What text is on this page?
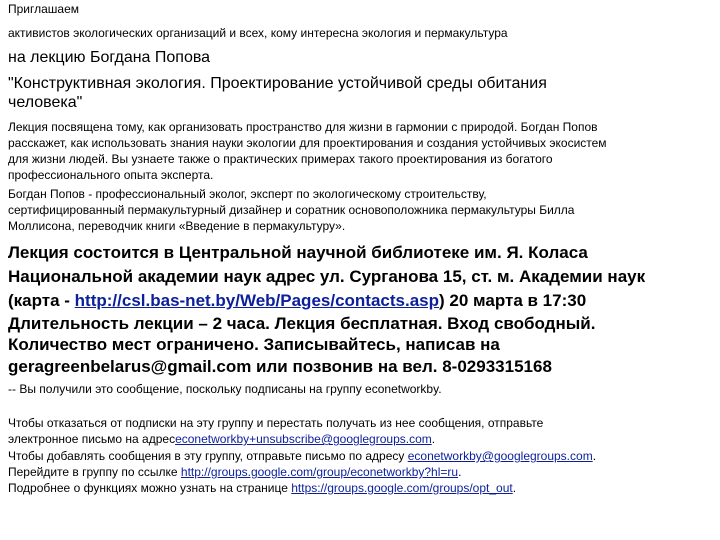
Приглашаем
активистов экологических организаций и всех, кому интересна экология и пермакультура
на лекцию Богдана Попова
"Конструктивная экология. Проектирование устойчивой среды обитания
человека"
Лекция посвящена тому, как организовать пространство для жизни в гармонии с природой. Богдан Попов
расскажет, как использовать знания науки экологии для проектирования и создания устойчивых экосистем
для жизни людей. Вы узнаете также о практических примерах такого проектирования из богатого
профессионального опыта эксперта.
Богдан Попов - профессиональный эколог, эксперт по экологическому строительству,
сертифицированный пермакультурный дизайнер и соратник основоположника пермакультуры Билла
Моллисона, переводчик книги «Введение в пермакультуру».
Лекция состоится в Центральной научной библиотеке им. Я. Коласа
Национальной академии наук адрес ул. Сурганова 15, ст. м. Академии наук
(карта - http://csl.bas-net.by/Web/Pages/contacts.asp) 20 марта в 17:30
Длительность лекции – 2 часа. Лекция бесплатная. Вход свободный.
Количество мест ограничено. Записывайтесь, написав на
geragreenbelarus@gmail.com или позвонив на вел. 8-0293315168
-- Вы получили это сообщение, поскольку подписаны на группу econetworkby.
Чтобы отказаться от подписки на эту группу и перестать получать из нее сообщения, отправьте
электронное письмо на адресeconetworkby+unsubscribe@googlegroups.com.
Чтобы добавлять сообщения в эту группу, отправьте письмо по адресу econetworkby@googlegroups.com.
Перейдите в группу по ссылке http://groups.google.com/group/econetworkby?hl=ru.
Подробнее о функциях можно узнать на странице https://groups.google.com/groups/opt_out.
